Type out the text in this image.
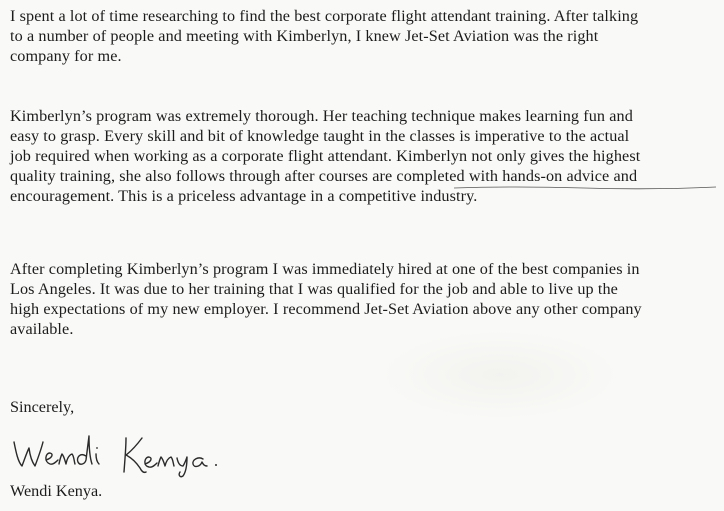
I spent a lot of time researching to find the best corporate flight attendant training. After talking
to a number of people and meeting with Kimberlyn, I knew Jet-Set Aviation was the right
company for me.

Kimberlyn’s program was extremely thorough. Her teaching technique makes learning fun and
easy to grasp. Every skill and bit of knowledge taught in the classes is imperative to the actual
job required when working as a corporate flight attendant. Kimberlyn not only gives the highest
quality training, she also follows through after courses are completed with hands-on advice and
encouragement. This is a priceless advantage in a competitive industry.

After completing Kimberlyn’s program I was immediately hired at one of the best companies in
Los Angeles. It was due to her training that I was qualified for the job and able to live up the
high expectations of my new employer. I recommend Jet-Set Aviation above any other company
available.

Sincerely,
Wendi Kenya.
